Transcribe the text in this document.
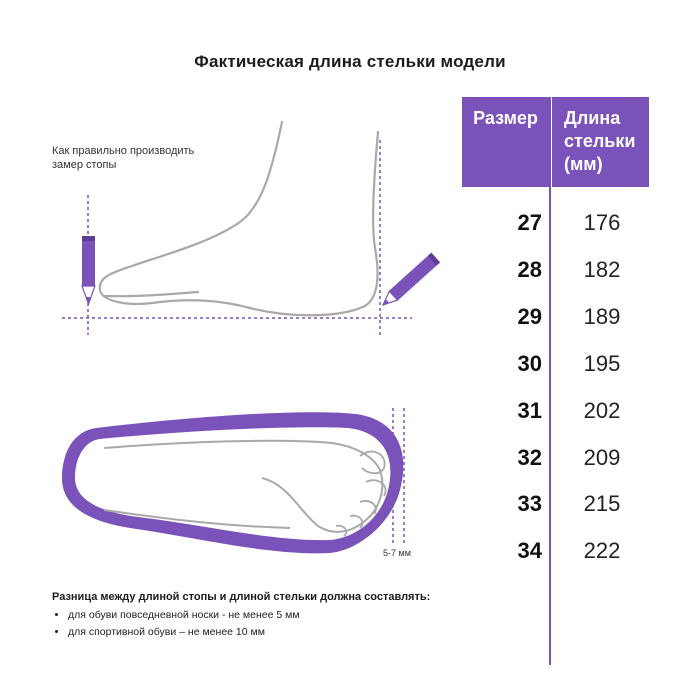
Фактическая длина стельки модели
Как правильно производить замер стопы
5-7 мм
Размер	Длина стельки (мм)
27	176
28	182
29	189
30	195
31	202
32	209
33	215
34	222
Разница между длиной стопы и длиной стельки должна составлять:
• для обуви повседневной носки - не менее 5 мм
• для спортивной обуви – не менее 10 мм
